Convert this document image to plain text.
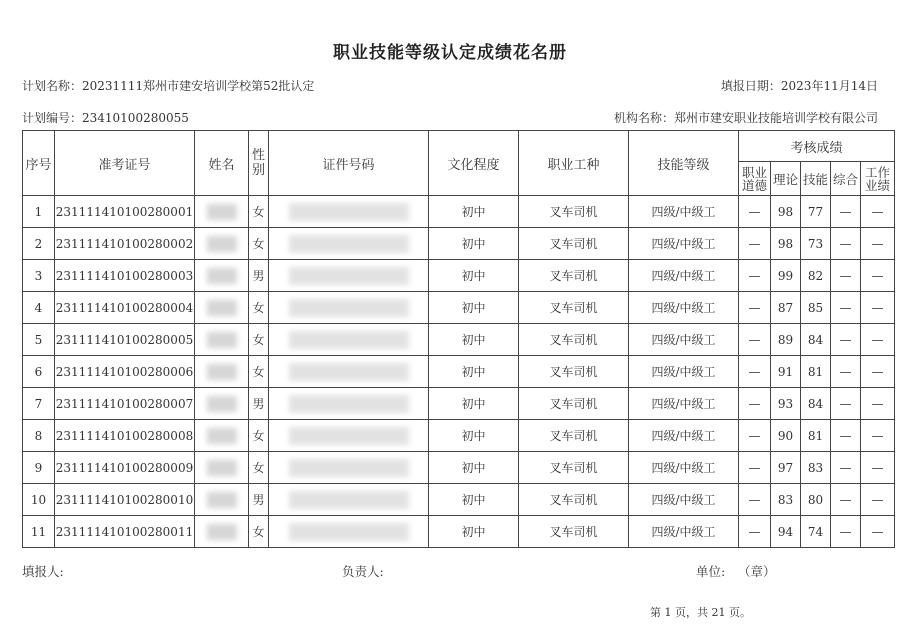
职业技能等级认定成绩花名册
计划名称：20231111郑州市建安培训学校第52批认定	填报日期：2023年11月14日
计划编号：23410100280055	机构名称：郑州市建安职业技能培训学校有限公司
序号	准考证号	姓名	性别	证件号码	文化程度	职业工种	技能等级	考核成绩				
								职业道德	理论	技能	综合	工作业绩
1	231111410100280001		女		初中	叉车司机	四级/中级工	—	98	77	—	—
2	231111410100280002		女		初中	叉车司机	四级/中级工	—	98	73	—	—
3	231111410100280003		男		初中	叉车司机	四级/中级工	—	99	82	—	—
4	231111410100280004		女		初中	叉车司机	四级/中级工	—	87	85	—	—
5	231111410100280005		女		初中	叉车司机	四级/中级工	—	89	84	—	—
6	231111410100280006		女		初中	叉车司机	四级/中级工	—	91	81	—	—
7	231111410100280007		男		初中	叉车司机	四级/中级工	—	93	84	—	—
8	231111410100280008		女		初中	叉车司机	四级/中级工	—	90	81	—	—
9	231111410100280009		女		初中	叉车司机	四级/中级工	—	97	83	—	—
10	231111410100280010		男		初中	叉车司机	四级/中级工	—	83	80	—	—
11	231111410100280011		女		初中	叉车司机	四级/中级工	—	94	74	—	—
填报人:	负责人:	单位: （章）
第 1 页，共 21 页。
